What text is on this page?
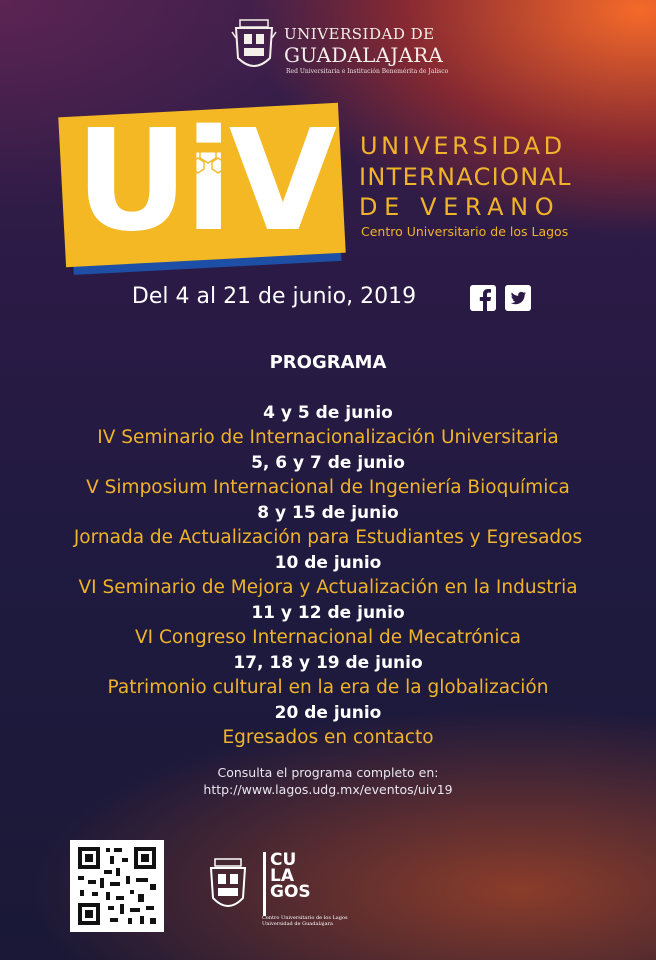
UNIVERSIDAD DE
GUADALAJARA
Red Universitaria e Institución Benemérita de Jalisco
UiV UNIVERSIDAD
INTERNACIONAL
DE VERANO
Centro Universitario de los Lagos
Del 4 al 21 de junio, 2019
PROGRAMA
4 y 5 de junio
IV Seminario de Internacionalización Universitaria
5, 6 y 7 de junio
V Simposium Internacional de Ingeniería Bioquímica
8 y 15 de junio
Jornada de Actualización para Estudiantes y Egresados
10 de junio
VI Seminario de Mejora y Actualización en la Industria
11 y 12 de junio
VI Congreso Internacional de Mecatrónica
17, 18 y 19 de junio
Patrimonio cultural en la era de la globalización
20 de junio
Egresados en contacto
Consulta el programa completo en:
http://www.lagos.udg.mx/eventos/uiv19
CU
LA
GOS
Centro Universitario de los Lagos
Universidad de Guadalajara
